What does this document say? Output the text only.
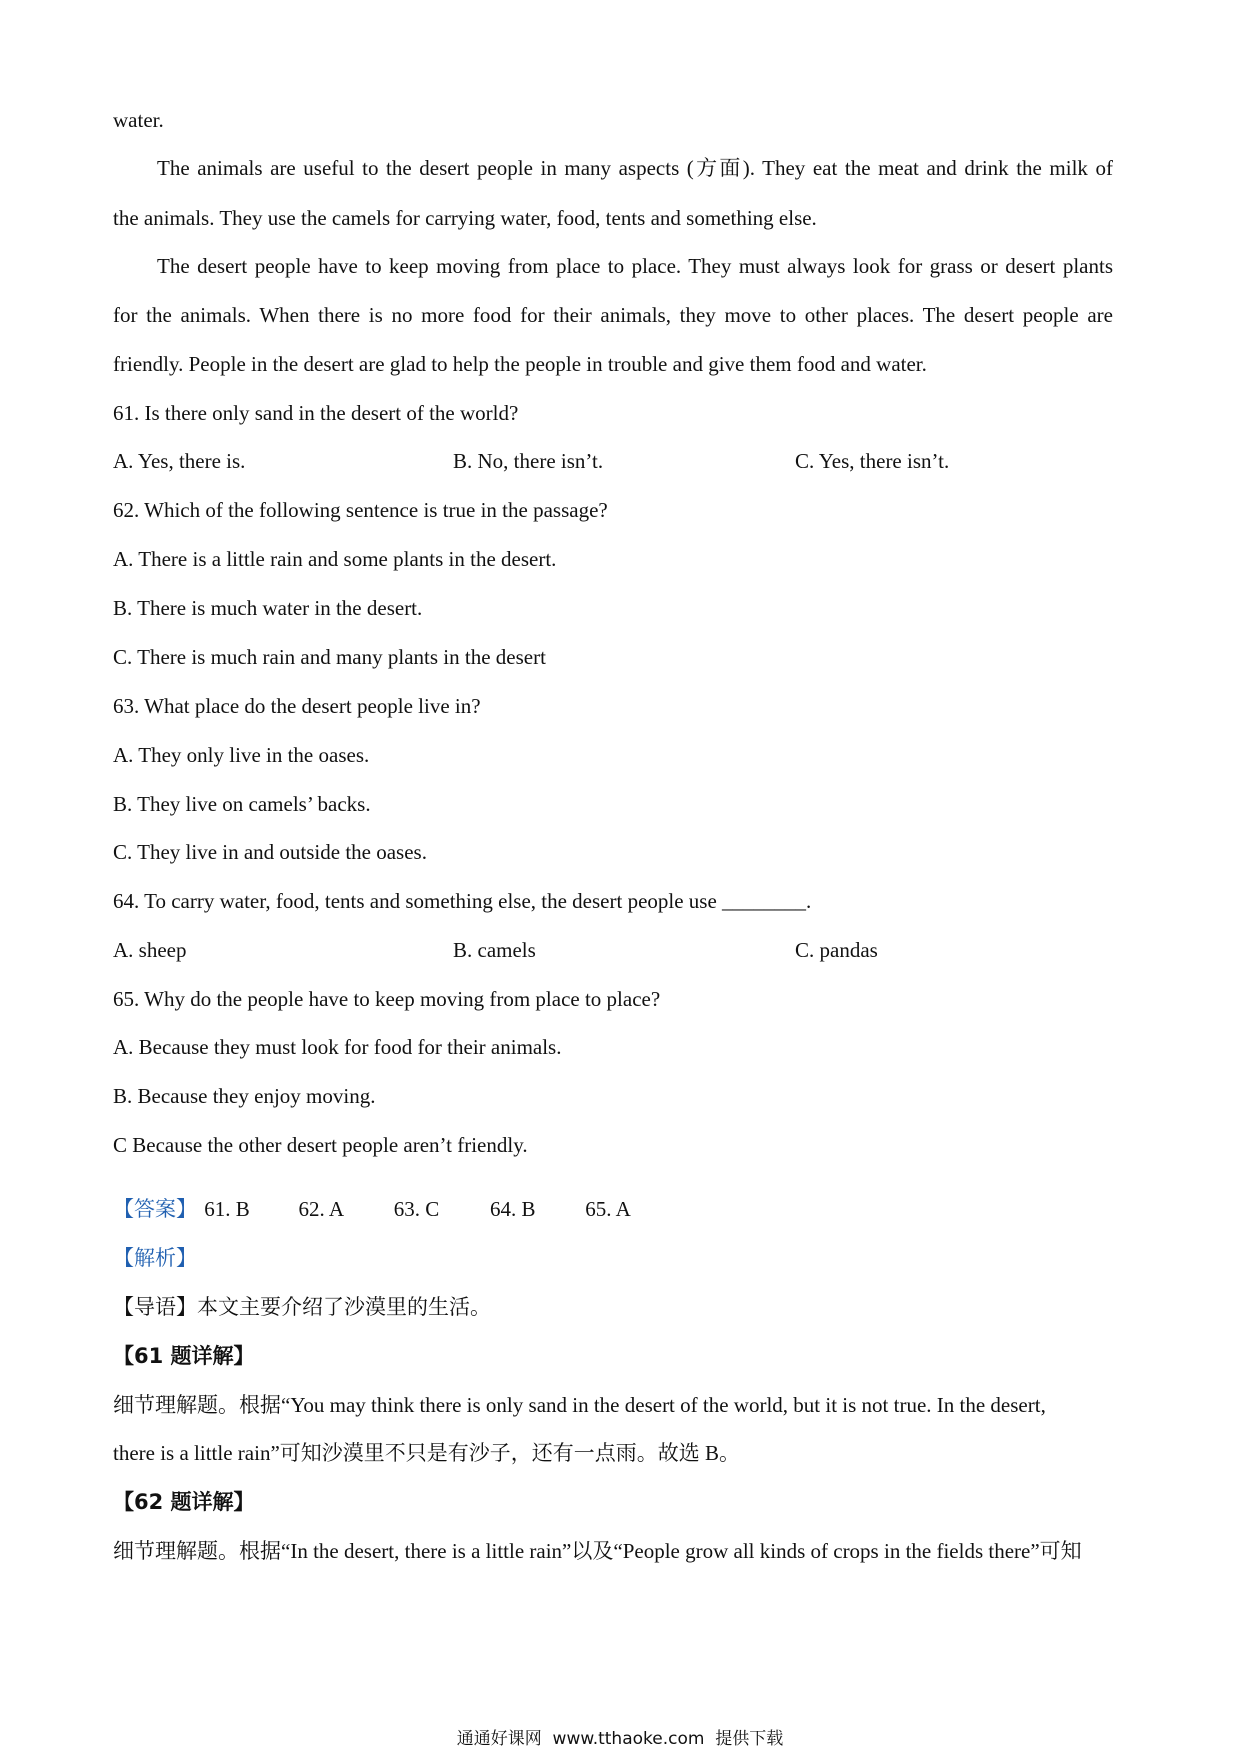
water.
The animals are useful to the desert people in many aspects (方面). They eat the meat and drink the milk of
the animals. They use the camels for carrying water, food, tents and something else.
The desert people have to keep moving from place to place. They must always look for grass or desert plants
for the animals. When there is no more food for their animals, they move to other places. The desert people are
friendly. People in the desert are glad to help the people in trouble and give them food and water.
61. Is there only sand in the desert of the world?
A. Yes, there is.	B. No, there isn’t.	C. Yes, there isn’t.
62. Which of the following sentence is true in the passage?
A. There is a little rain and some plants in the desert.
B. There is much water in the desert.
C. There is much rain and many plants in the desert
63. What place do the desert people live in?
A. They only live in the oases.
B. They live on camels’ backs.
C. They live in and outside the oases.
64. To carry water, food, tents and something else, the desert people use ________.
A. sheep	B. camels	C. pandas
65. Why do the people have to keep moving from place to place?
A. Because they must look for food for their animals.
B. Because they enjoy moving.
C Because the other desert people aren’t friendly.
【答案】 61. B 62. A 63. C 64. B 65. A
【解析】
【导语】本文主要介绍了沙漠里的生活。
【61 题详解】
细节理解题。根据“You may think there is only sand in the desert of the world, but it is not true. In the desert,
there is a little rain”可知沙漠里不只是有沙子，还有一点雨。故选 B。
【62 题详解】
细节理解题。根据“In the desert, there is a little rain”以及“People grow all kinds of crops in the fields there”可知
通通好课网  www.tthaoke.com  提供下载
